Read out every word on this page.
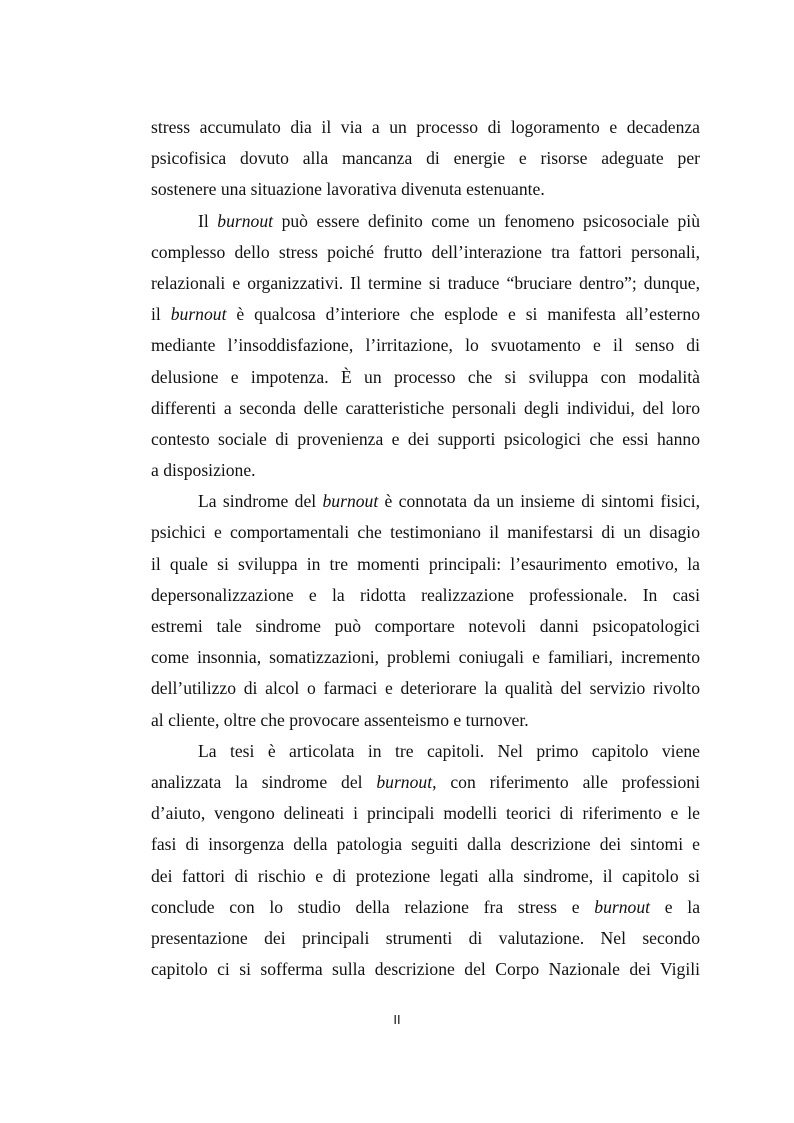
stress accumulato dia il via a un processo di logoramento e decadenza
psicofisica dovuto alla mancanza di energie e risorse adeguate per
sostenere una situazione lavorativa divenuta estenuante.
Il burnout può essere definito come un fenomeno psicosociale più
complesso dello stress poiché frutto dell’interazione tra fattori personali,
relazionali e organizzativi. Il termine si traduce “bruciare dentro”; dunque,
il burnout è qualcosa d’interiore che esplode e si manifesta all’esterno
mediante l’insoddisfazione, l’irritazione, lo svuotamento e il senso di
delusione e impotenza. È un processo che si sviluppa con modalità
differenti a seconda delle caratteristiche personali degli individui, del loro
contesto sociale di provenienza e dei supporti psicologici che essi hanno
a disposizione.
La sindrome del burnout è connotata da un insieme di sintomi fisici,
psichici e comportamentali che testimoniano il manifestarsi di un disagio
il quale si sviluppa in tre momenti principali: l’esaurimento emotivo, la
depersonalizzazione e la ridotta realizzazione professionale. In casi
estremi tale sindrome può comportare notevoli danni psicopatologici
come insonnia, somatizzazioni, problemi coniugali e familiari, incremento
dell’utilizzo di alcol o farmaci e deteriorare la qualità del servizio rivolto
al cliente, oltre che provocare assenteismo e turnover.
La tesi è articolata in tre capitoli. Nel primo capitolo viene
analizzata la sindrome del burnout, con riferimento alle professioni
d’aiuto, vengono delineati i principali modelli teorici di riferimento e le
fasi di insorgenza della patologia seguiti dalla descrizione dei sintomi e
dei fattori di rischio e di protezione legati alla sindrome, il capitolo si
conclude con lo studio della relazione fra stress e burnout e la
presentazione dei principali strumenti di valutazione. Nel secondo
capitolo ci si sofferma sulla descrizione del Corpo Nazionale dei Vigili
II
